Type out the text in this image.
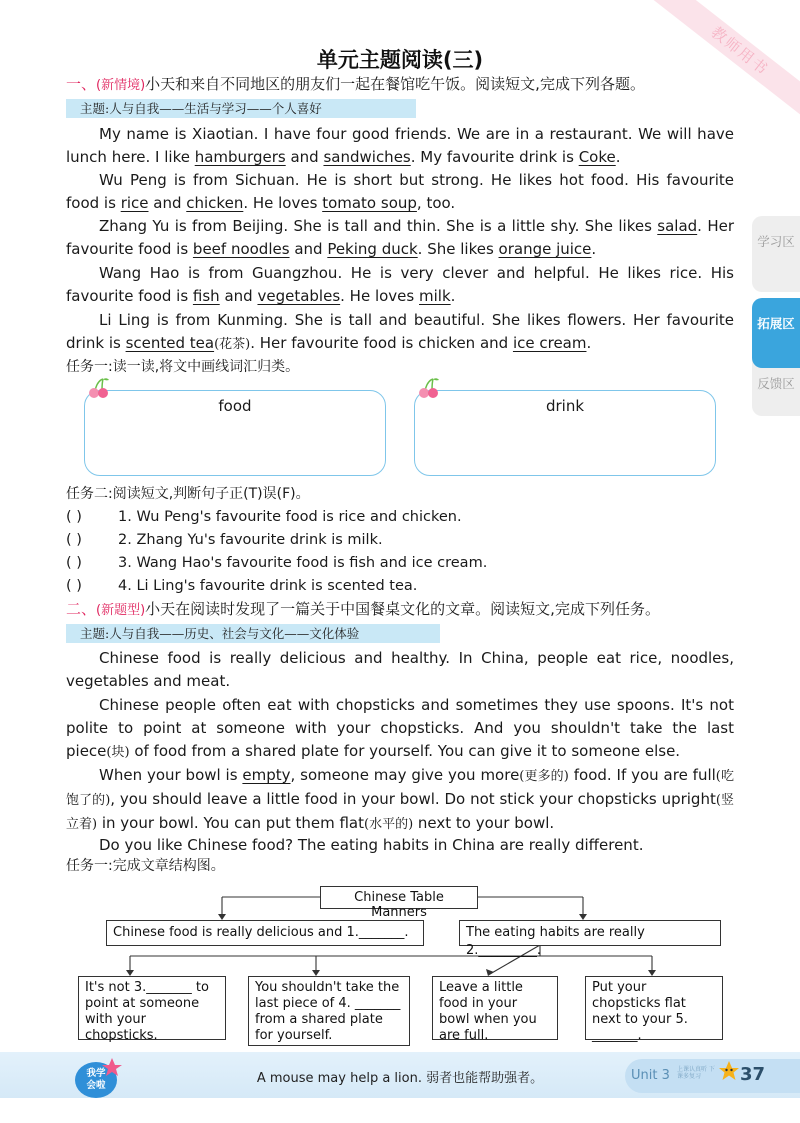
教师用书
单元主题阅读(三)
一、(新情境)小天和来自不同地区的朋友们一起在餐馆吃午饭。阅读短文,完成下列各题。
主题:人与自我——生活与学习——个人喜好
My name is Xiaotian. I have four good friends. We are in a restaurant. We will have lunch here. I like hamburgers and sandwiches. My favourite drink is Coke.
Wu Peng is from Sichuan. He is short but strong. He likes hot food. His favourite food is rice and chicken. He loves tomato soup, too.
Zhang Yu is from Beijing. She is tall and thin. She is a little shy. She likes salad. Her favourite food is beef noodles and Peking duck. She likes orange juice.
Wang Hao is from Guangzhou. He is very clever and helpful. He likes rice. His favourite food is fish and vegetables. He loves milk.
Li Ling is from Kunming. She is tall and beautiful. She likes flowers. Her favourite drink is scented tea(花茶). Her favourite food is chicken and ice cream.
任务一:读一读,将文中画线词汇归类。
food	drink
任务二:阅读短文,判断句子正(T)误(F)。
( ) 1. Wu Peng's favourite food is rice and chicken.
( ) 2. Zhang Yu's favourite drink is milk.
( ) 3. Wang Hao's favourite food is fish and ice cream.
( ) 4. Li Ling's favourite drink is scented tea.
二、(新题型)小天在阅读时发现了一篇关于中国餐桌文化的文章。阅读短文,完成下列任务。
主题:人与自我——历史、社会与文化——文化体验
Chinese food is really delicious and healthy. In China, people eat rice, noodles, vegetables and meat.
Chinese people often eat with chopsticks and sometimes they use spoons. It's not polite to point at someone with your chopsticks. And you shouldn't take the last piece(块) of food from a shared plate for yourself. You can give it to someone else.
When your bowl is empty, someone may give you more(更多的) food. If you are full(吃饱了的), you should leave a little food in your bowl. Do not stick your chopsticks upright(竖立着) in your bowl. You can put them flat(水平的) next to your bowl.
Do you like Chinese food? The eating habits in China are really different.
任务一:完成文章结构图。
Chinese Table Manners
Chinese food is really delicious and 1._______.	The eating habits are really 2._________.
It's not 3._______ to point at someone with your chopsticks.
You shouldn't take the last piece of 4. _______ from a shared plate for yourself.
Leave a little food in your bowl when you are full.
Put your chopsticks flat next to your 5. _______.
学习区
反馈区
拓展区
我学
会啦	A mouse may help a lion. 弱者也能帮助强者。	Unit 3 上课认真听 下课多复习	37
